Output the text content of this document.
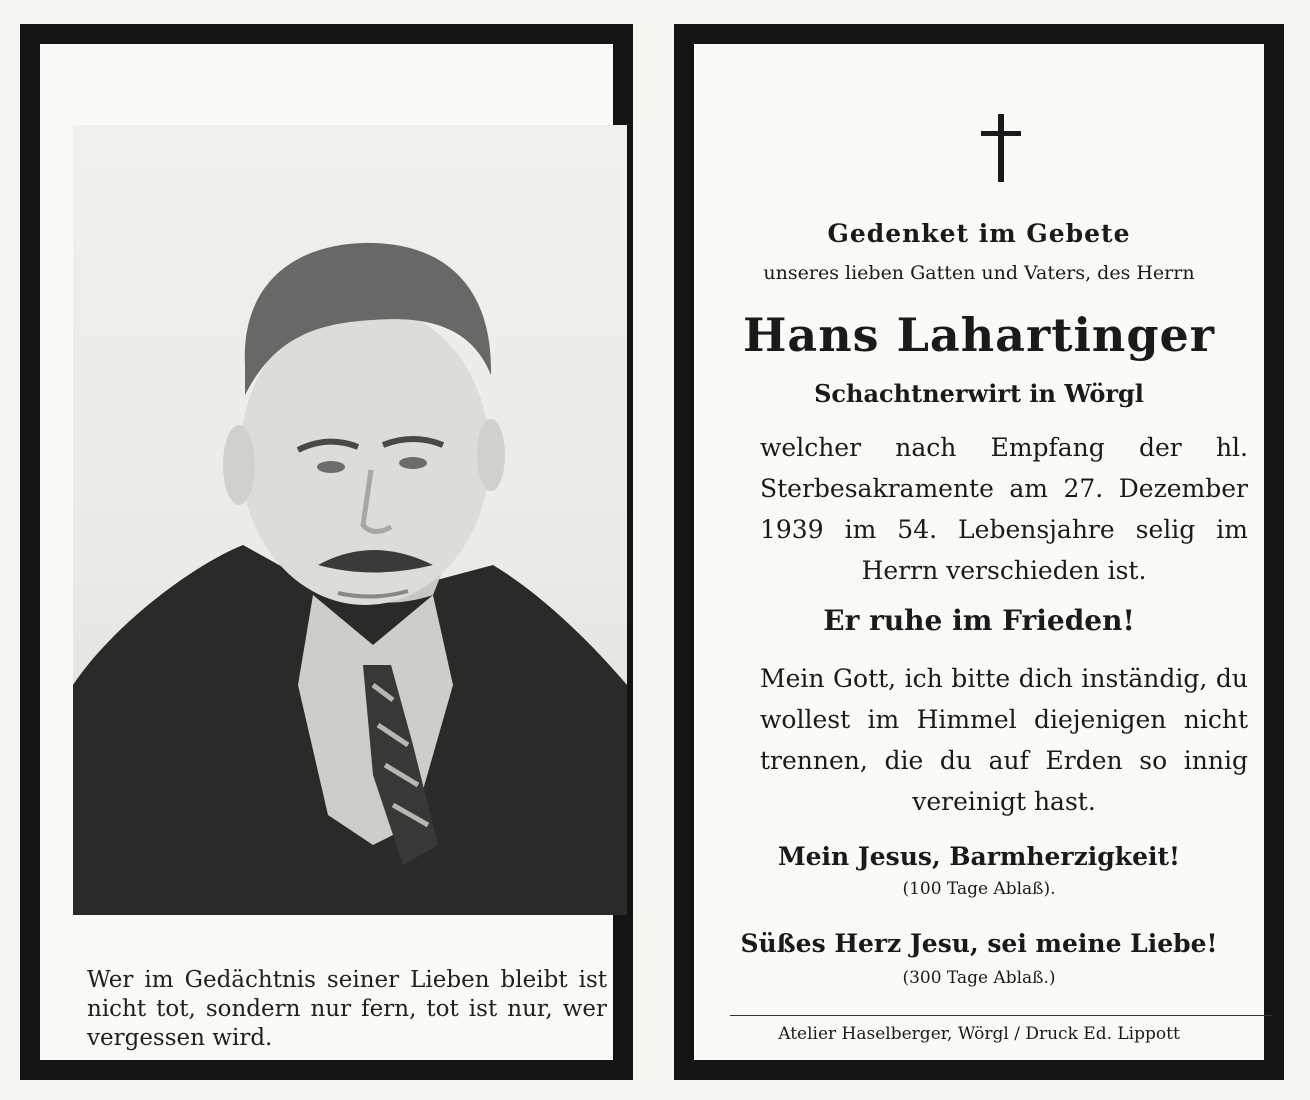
Wer im Gedächtnis seiner Lieben bleibt ist nicht tot, sondern nur fern, tot ist nur, wer vergessen wird.
Gedenket im Gebete
unseres lieben Gatten und Vaters, des Herrn
Hans Lahartinger
Schachtnerwirt in Wörgl
welcher nach Empfang der hl. Sterbesakramente am 27. Dezember 1939 im 54. Lebensjahre selig im Herrn verschieden ist.
Er ruhe im Frieden!
Mein Gott, ich bitte dich inständig, du wollest im Himmel diejenigen nicht trennen, die du auf Erden so innig vereinigt hast.
Mein Jesus, Barmherzigkeit!
(100 Tage Ablaß).
Süßes Herz Jesu, sei meine Liebe!
(300 Tage Ablaß.)
Atelier Haselberger, Wörgl / Druck Ed. Lippott
